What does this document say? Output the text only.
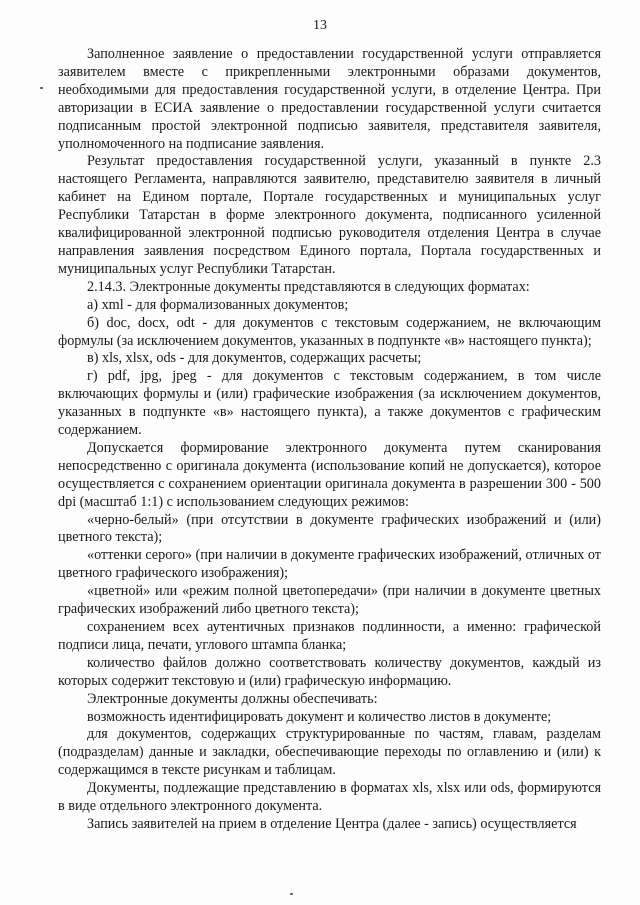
13

Заполненное заявление о предоставлении государственной услуги отправляется заявителем вместе с прикрепленными электронными образами документов, необходимыми для предоставления государственной услуги, в отделение Центра. При авторизации в ЕСИА заявление о предоставлении государственной услуги считается подписанным простой электронной подписью заявителя, представителя заявителя, уполномоченного на подписание заявления.

Результат предоставления государственной услуги, указанный в пункте 2.3 настоящего Регламента, направляются заявителю, представителю заявителя в личный кабинет на Едином портале, Портале государственных и муниципальных услуг Республики Татарстан в форме электронного документа, подписанного усиленной квалифицированной электронной подписью руководителя отделения Центра в случае направления заявления посредством Единого портала, Портала государственных и муниципальных услуг Республики Татарстан.

2.14.3. Электронные документы представляются в следующих форматах:

а) xml - для формализованных документов;

б) doc, docx, odt - для документов с текстовым содержанием, не включающим формулы (за исключением документов, указанных в подпункте «в» настоящего пункта);

в) xls, xlsx, ods - для документов, содержащих расчеты;

г) pdf, jpg, jpeg - для документов с текстовым содержанием, в том числе включающих формулы и (или) графические изображения (за исключением документов, указанных в подпункте «в» настоящего пункта), а также документов с графическим содержанием.

Допускается формирование электронного документа путем сканирования непосредственно с оригинала документа (использование копий не допускается), которое осуществляется с сохранением ориентации оригинала документа в разрешении 300 - 500 dpi (масштаб 1:1) с использованием следующих режимов:

«черно-белый» (при отсутствии в документе графических изображений и (или) цветного текста);

«оттенки серого» (при наличии в документе графических изображений, отличных от цветного графического изображения);

«цветной» или «режим полной цветопередачи» (при наличии в документе цветных графических изображений либо цветного текста);

сохранением всех аутентичных признаков подлинности, а именно: графической подписи лица, печати, углового штампа бланка;

количество файлов должно соответствовать количеству документов, каждый из которых содержит текстовую и (или) графическую информацию.

Электронные документы должны обеспечивать:

возможность идентифицировать документ и количество листов в документе;

для документов, содержащих структурированные по частям, главам, разделам (подразделам) данные и закладки, обеспечивающие переходы по оглавлению и (или) к содержащимся в тексте рисункам и таблицам.

Документы, подлежащие представлению в форматах xls, xlsx или ods, формируются в виде отдельного электронного документа.

Запись заявителей на прием в отделение Центра (далее - запись) осуществляется
